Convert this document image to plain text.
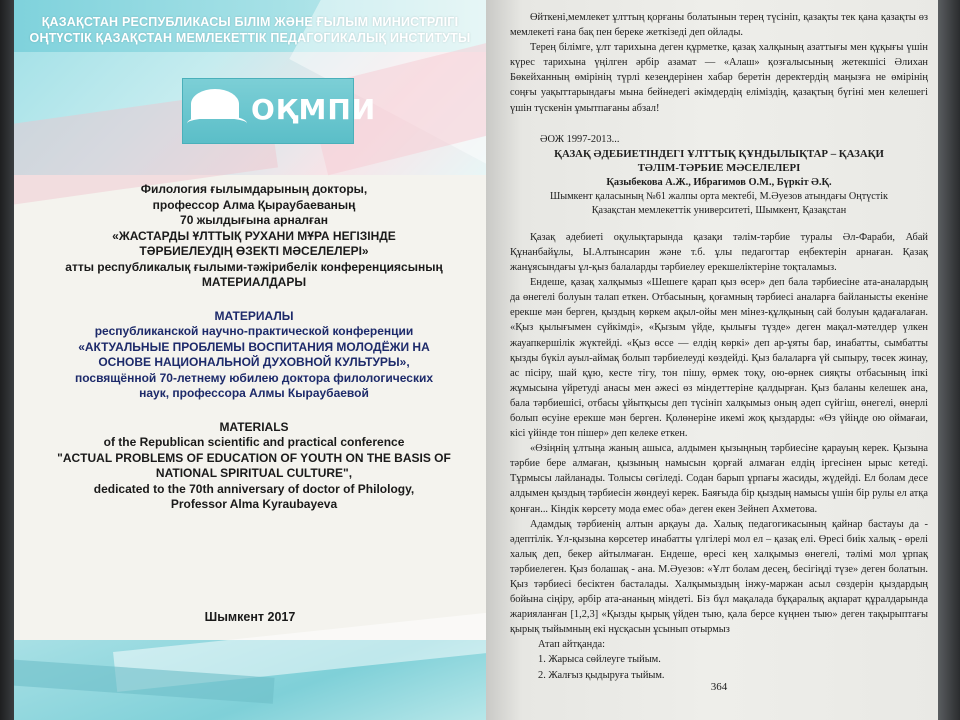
ҚАЗАҚСТАН РЕСПУБЛИКАСЫ БІЛІМ ЖӘНЕ ҒЫЛЫМ МИНИСТРЛІГІ
ОҢТҮСТІК ҚАЗАҚСТАН МЕМЛЕКЕТТІК ПЕДАГОГИКАЛЫҚ ИНСТИТУТЫ
ОҚМПИ

Филология ғылымдарының докторы,

профессор Алма Қыраубаеваның

70 жылдығына арналған

«ЖАСТАРДЫ ҰЛТТЫҚ РУХАНИ МҰРА НЕГІЗІНДЕ

ТӘРБИЕЛЕУДІҢ ӨЗЕКТІ МӘСЕЛЕЛЕРІ»

атты республикалық ғылыми-тәжірибелік конференциясының

МАТЕРИАЛДАРЫ

МАТЕРИАЛЫ

республиканской научно-практической конференции

«АКТУАЛЬНЫЕ ПРОБЛЕМЫ ВОСПИТАНИЯ МОЛОДЁЖИ НА

ОСНОВЕ НАЦИОНАЛЬНОЙ ДУХОВНОЙ КУЛЬТУРЫ»,

посвящённой 70-летнему юбилею доктора филологических

наук, профессора Алмы Кыраубаевой

MATERIALS

of the Republican scientific and practical conference

"ACTUAL PROBLEMS OF EDUCATION OF YOUTH ON THE BASIS OF

NATIONAL SPIRITUAL CULTURE",

dedicated to the 70th anniversary of doctor of Philology,

Professor Alma Kyraubayeva

Шымкент 2017

Өйткені,мемлекет ұлттың қорғаны болатынын терең түсініп, қазақты тек қана қазақты өз мемлекеті ғана бақ пен береке жеткізеді деп ойлады.

Терең білімге, ұлт тарихына деген құрметке, қазақ халқының азаттығы мен құқығы үшін күрес тарихына үңілген әрбір азамат — «Алаш» қозғалысының жетекшісі Әлихан Бөкейханның өмірінің түрлі кезеңдерінен хабар беретін деректердің маңызға не өмірінің соңғы уақыттарындағы мына бейнедегі әкімдердің еліміздің, қазақтың бүгіні мен келешегі үшін түскенін ұмытпағаны абзал!

ӘОЖ 1997-2013...

ҚАЗАҚ ӘДЕБИЕТІНДЕГІ ҰЛТТЫҚ ҚҰНДЫЛЫҚТАР – ҚАЗАҚИ
ТӘЛІМ-ТӘРБИЕ МӘСЕЛЕЛЕРІ

Қазыбекова А.Ж., Ибрагимов О.М., Бүркіт Ә.Қ.

Шымкент қаласының №61 жалпы орта мектебі, М.Әуезов атындағы Оңтүстік
Қазақстан мемлекеттік университеті, Шымкент, Қазақстан

Қазақ әдебиеті оқулықтарында қазақи тәлім-тәрбие туралы Әл-Фараби, Абай Құнанбайұлы, Ы.Алтынсарин және т.б. ұлы педагогтар еңбектерін арнаған. Қазақ жанұясындағы ұл-қыз балаларды тәрбиелеу ерекшеліктеріне тоқталамыз.

Ендеше, қазақ халқымыз «Шешеге қарап қыз өсер» деп бала тәрбиесіне ата-аналардың да өнегелі болуын талап еткен. Отбасының, қоғамның тәрбиесі аналарға байланысты екеніне ерекше мән берген, қыздың көркем ақыл-ойы мен мінез-құлқының сай болуын қадағалаған. «Қыз қылығымен сүйкімді», «Қызым үйде, қылығы түзде» деген мақал-мәтелдер үлкен жауапкершілік жүктейді. «Қыз өссе — елдің көркі» деп ар-ұяты бар, инабатты, сымбатты қызды бүкіл ауыл-аймақ болып тәрбиелеуді көздейді. Қыз балаларға үй сыпыру, төсек жинау, ас пісіру, шай құю, кесте тігу, тон пішу, өрмек тоқу, ою-өрнек сияқты отбасының іпкі жұмысына үйретуді анасы мен әжесі өз міндеттеріне қалдырған. Қыз баланы келешек ана, бала тәрбиешісі, отбасы ұйытқысы деп түсініп халқымыз оның әдеп сүйгіш, өнегелі, өнерлі болып өсуіне ерекше мән берген. Қолөнеріне икемі жоқ қыздарды: «Өз үйіңде ою оймағаи, кісі үйінде тон пішер» деп келеке еткен.

«Өзіңнің ұлтыңа жаның ашыса, алдымен қызыңның тәрбиесіне қарауың керек. Қызына тәрбие бере алмаған, қызының намысын қорғай алмаған елдің іргесінен ырыс кетеді. Тұрмысы лайланады. Толысы сөгіледі. Содан барып ұрпағы жасиды, жүдейді. Ел болам десе алдымен қыздың тәрбиесін жөндеуі керек. Баяғыда бір қыздың намысы үшін бір рулы ел атқа қонған... Кіндік көрсету мода емес оба» деген екен Зейнеп Ахметова.

Адамдық тәрбиенің алтын арқауы да. Халық педагогикасының қайнар бастауы да - әдептілік. Ұл-қызына көрсетер инабатты үлгілері мол ел – қазақ елі. Өресі биік халық - өрелі халық деп, бекер айтылмаған. Ендеше, өресі кең халқымыз өнегелі, тәлімі мол ұрпақ тәрбиелеген. Қыз болашақ - ана. М.Әуезов: «Ұлт болам десең, бесігіңді түзе» деген болатын. Қыз тәрбиесі бесіктен басталады. Халқымыздың інжу-маржан асыл сөздерін қыздардың бойына сіңіру, әрбір ата-ананың міндеті. Біз бұл мақалада бұқаралық ақпарат құралдарында жарияланған [1,2,3] «Қызды қырық үйден тыю, қала берсе күңнен тыю» деген тақырыптағы қырық тыйымның екі нұсқасын ұсынып отырмыз

Атап айтқанда:

1. Жарыса сөйлеуге тыйым.

2. Жалғыз қыдыруға тыйым.

364
